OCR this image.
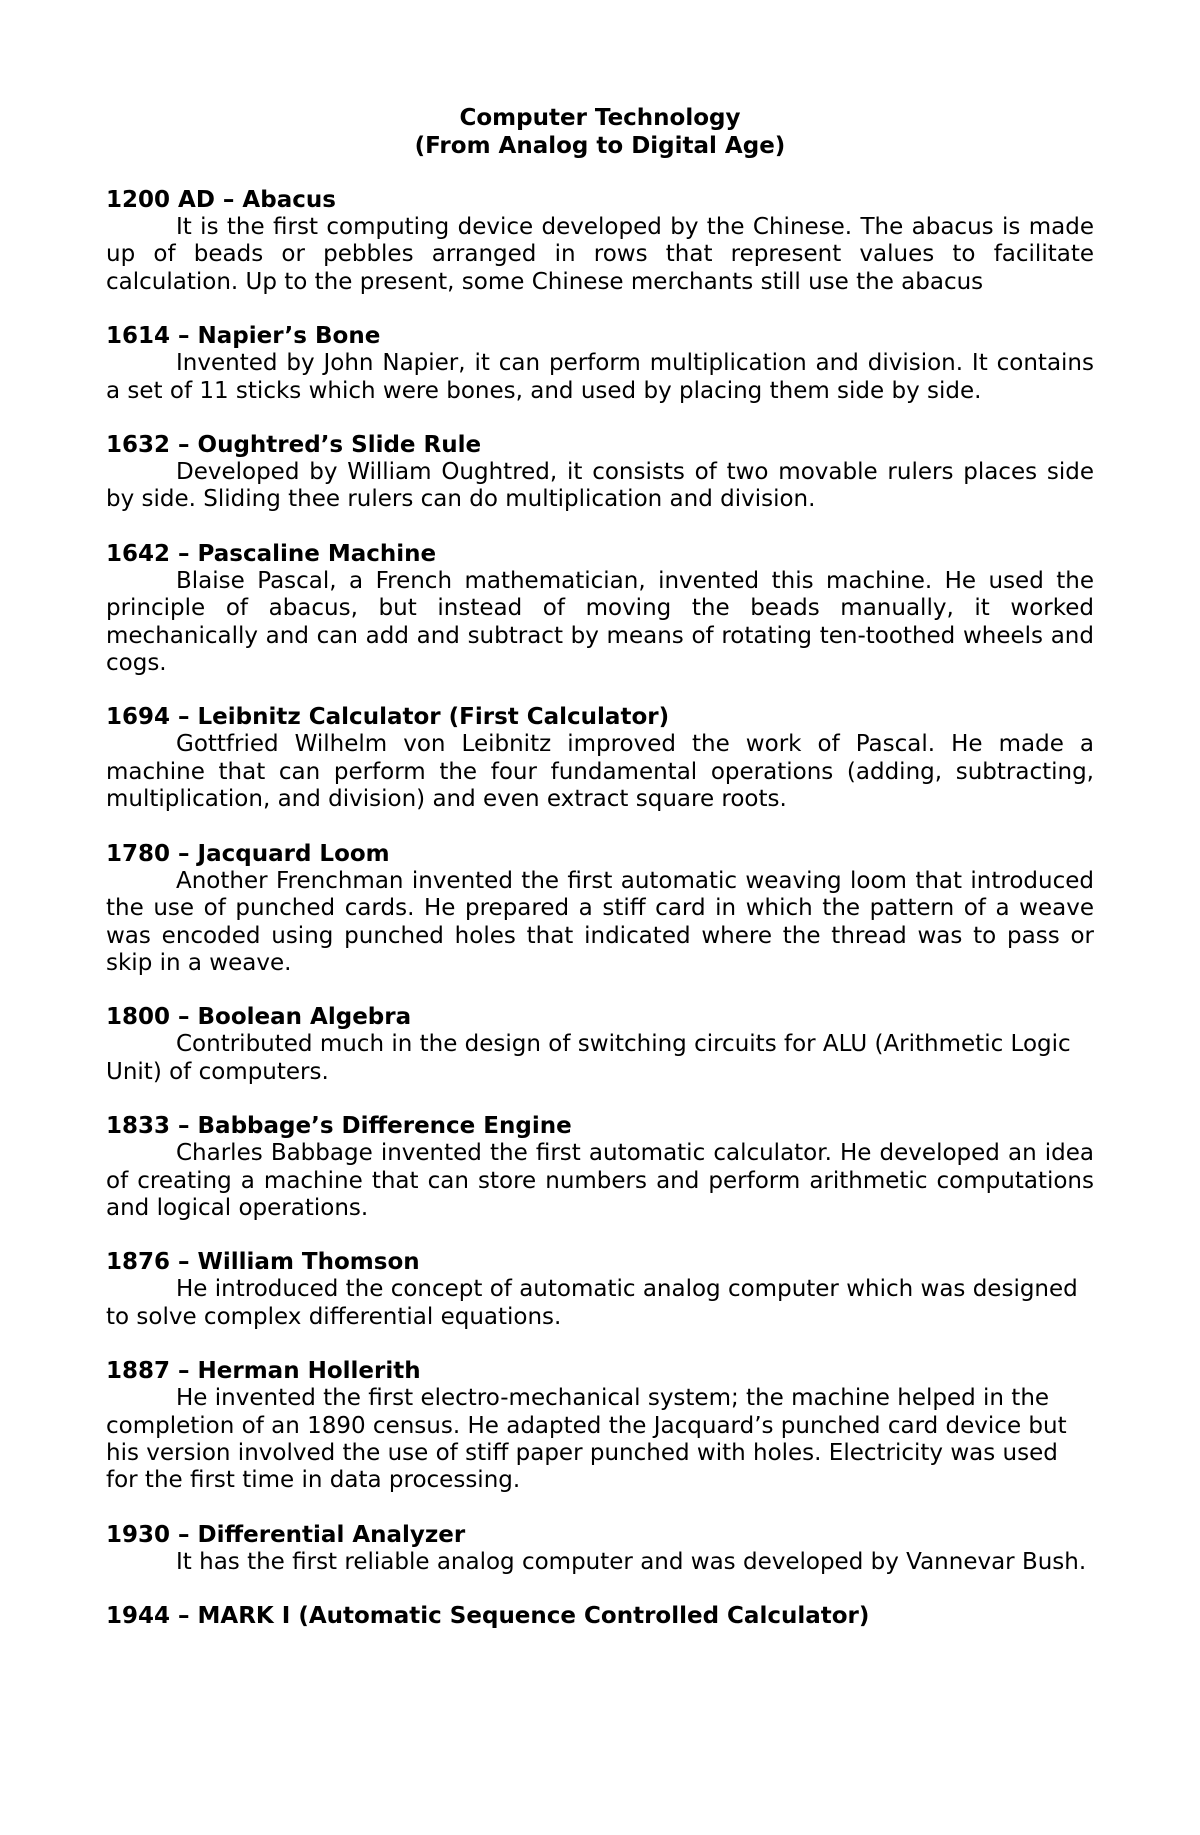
Computer Technology
(From Analog to Digital Age)

1200 AD – Abacus

It is the first computing device developed by the Chinese. The abacus is made up of beads or pebbles arranged in rows that represent values to facilitate calculation. Up to the present, some Chinese merchants still use the abacus

1614 – Napier’s Bone

Invented by John Napier, it can perform multiplication and division. It contains a set of 11 sticks which were bones, and used by placing them side by side.

1632 – Oughtred’s Slide Rule

Developed by William Oughtred, it consists of two movable rulers places side by side. Sliding thee rulers can do multiplication and division.

1642 – Pascaline Machine

Blaise Pascal, a French mathematician, invented this machine. He used the principle of abacus, but instead of moving the beads manually, it worked mechanically and can add and subtract by means of rotating ten-toothed wheels and cogs.

1694 – Leibnitz Calculator (First Calculator)

Gottfried Wilhelm von Leibnitz improved the work of Pascal. He made a machine that can perform the four fundamental operations (adding, subtracting, multiplication, and division) and even extract square roots.

1780 – Jacquard Loom

Another Frenchman invented the first automatic weaving loom that introduced the use of punched cards. He prepared a stiff card in which the pattern of a weave was encoded using punched holes that indicated where the thread was to pass or skip in a weave.

1800 – Boolean Algebra

Contributed much in the design of switching circuits for ALU (Arithmetic Logic Unit) of computers.

1833 – Babbage’s Difference Engine

Charles Babbage invented the first automatic calculator. He developed an idea of creating a machine that can store numbers and perform arithmetic computations and logical operations.

1876 – William Thomson

He introduced the concept of automatic analog computer which was designed to solve complex differential equations.

1887 – Herman Hollerith

He invented the first electro-mechanical system; the machine helped in the completion of an 1890 census. He adapted the Jacquard’s punched card device but his version involved the use of stiff paper punched with holes. Electricity was used for the first time in data processing.

1930 – Differential Analyzer

It has the first reliable analog computer and was developed by Vannevar Bush.

1944 – MARK I (Automatic Sequence Controlled Calculator)
